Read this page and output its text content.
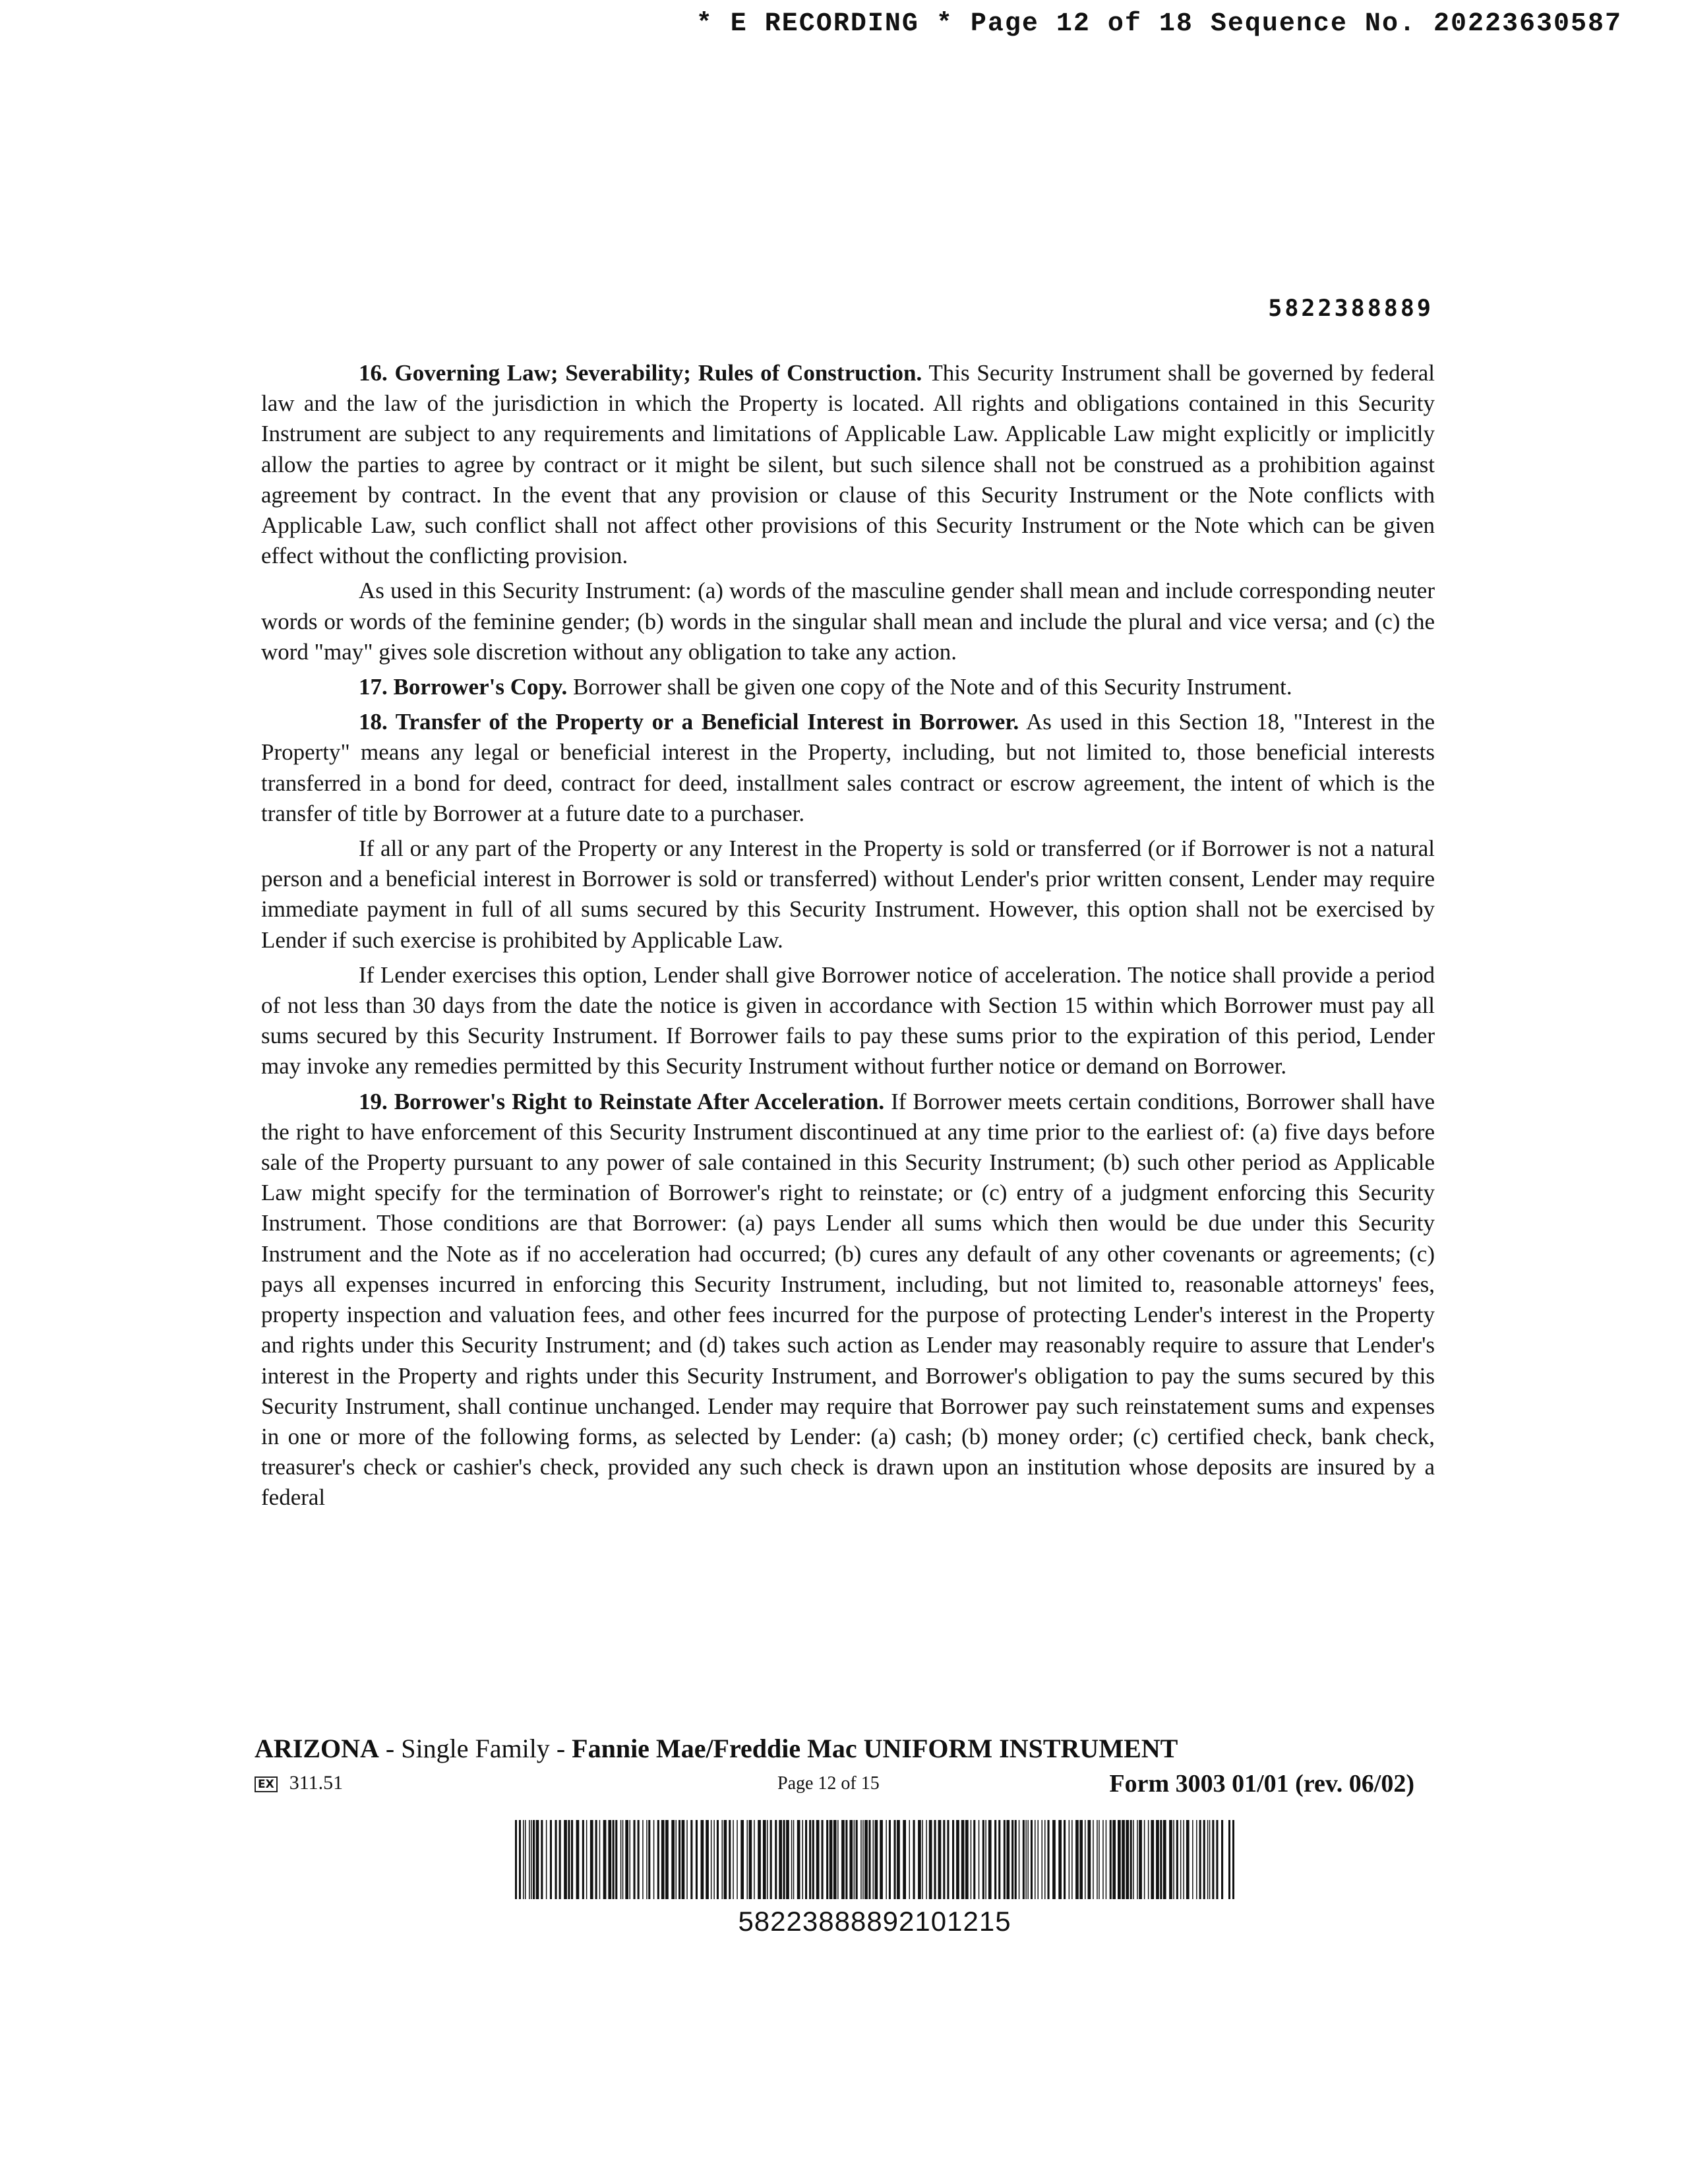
* E RECORDING * Page 12 of 18 Sequence No. 20223630587
5822388889

16. Governing Law; Severability; Rules of Construction. This Security Instrument shall be governed by federal law and the law of the jurisdiction in which the Property is located. All rights and obligations contained in this Security Instrument are subject to any requirements and limitations of Applicable Law. Applicable Law might explicitly or implicitly allow the parties to agree by contract or it might be silent, but such silence shall not be construed as a prohibition against agreement by contract. In the event that any provision or clause of this Security Instrument or the Note conflicts with Applicable Law, such conflict shall not affect other provisions of this Security Instrument or the Note which can be given effect without the conflicting provision.

As used in this Security Instrument: (a) words of the masculine gender shall mean and include corresponding neuter words or words of the feminine gender; (b) words in the singular shall mean and include the plural and vice versa; and (c) the word "may" gives sole discretion without any obligation to take any action.

17. Borrower's Copy. Borrower shall be given one copy of the Note and of this Security Instrument.

18. Transfer of the Property or a Beneficial Interest in Borrower. As used in this Section 18, "Interest in the Property" means any legal or beneficial interest in the Property, including, but not limited to, those beneficial interests transferred in a bond for deed, contract for deed, installment sales contract or escrow agreement, the intent of which is the transfer of title by Borrower at a future date to a purchaser.

If all or any part of the Property or any Interest in the Property is sold or transferred (or if Borrower is not a natural person and a beneficial interest in Borrower is sold or transferred) without Lender's prior written consent, Lender may require immediate payment in full of all sums secured by this Security Instrument. However, this option shall not be exercised by Lender if such exercise is prohibited by Applicable Law.

If Lender exercises this option, Lender shall give Borrower notice of acceleration. The notice shall provide a period of not less than 30 days from the date the notice is given in accordance with Section 15 within which Borrower must pay all sums secured by this Security Instrument. If Borrower fails to pay these sums prior to the expiration of this period, Lender may invoke any remedies permitted by this Security Instrument without further notice or demand on Borrower.

19. Borrower's Right to Reinstate After Acceleration. If Borrower meets certain conditions, Borrower shall have the right to have enforcement of this Security Instrument discontinued at any time prior to the earliest of: (a) five days before sale of the Property pursuant to any power of sale contained in this Security Instrument; (b) such other period as Applicable Law might specify for the termination of Borrower's right to reinstate; or (c) entry of a judgment enforcing this Security Instrument. Those conditions are that Borrower: (a) pays Lender all sums which then would be due under this Security Instrument and the Note as if no acceleration had occurred; (b) cures any default of any other covenants or agreements; (c) pays all expenses incurred in enforcing this Security Instrument, including, but not limited to, reasonable attorneys' fees, property inspection and valuation fees, and other fees incurred for the purpose of protecting Lender's interest in the Property and rights under this Security Instrument; and (d) takes such action as Lender may reasonably require to assure that Lender's interest in the Property and rights under this Security Instrument, and Borrower's obligation to pay the sums secured by this Security Instrument, shall continue unchanged. Lender may require that Borrower pay such reinstatement sums and expenses in one or more of the following forms, as selected by Lender: (a) cash; (b) money order; (c) certified check, bank check, treasurer's check or cashier's check, provided any such check is drawn upon an institution whose deposits are insured by a federal

ARIZONA - Single Family - Fannie Mae/Freddie Mac UNIFORM INSTRUMENT
EX 311.51	Page 12 of 15	Form 3003 01/01 (rev. 06/02)
58223888892101215
